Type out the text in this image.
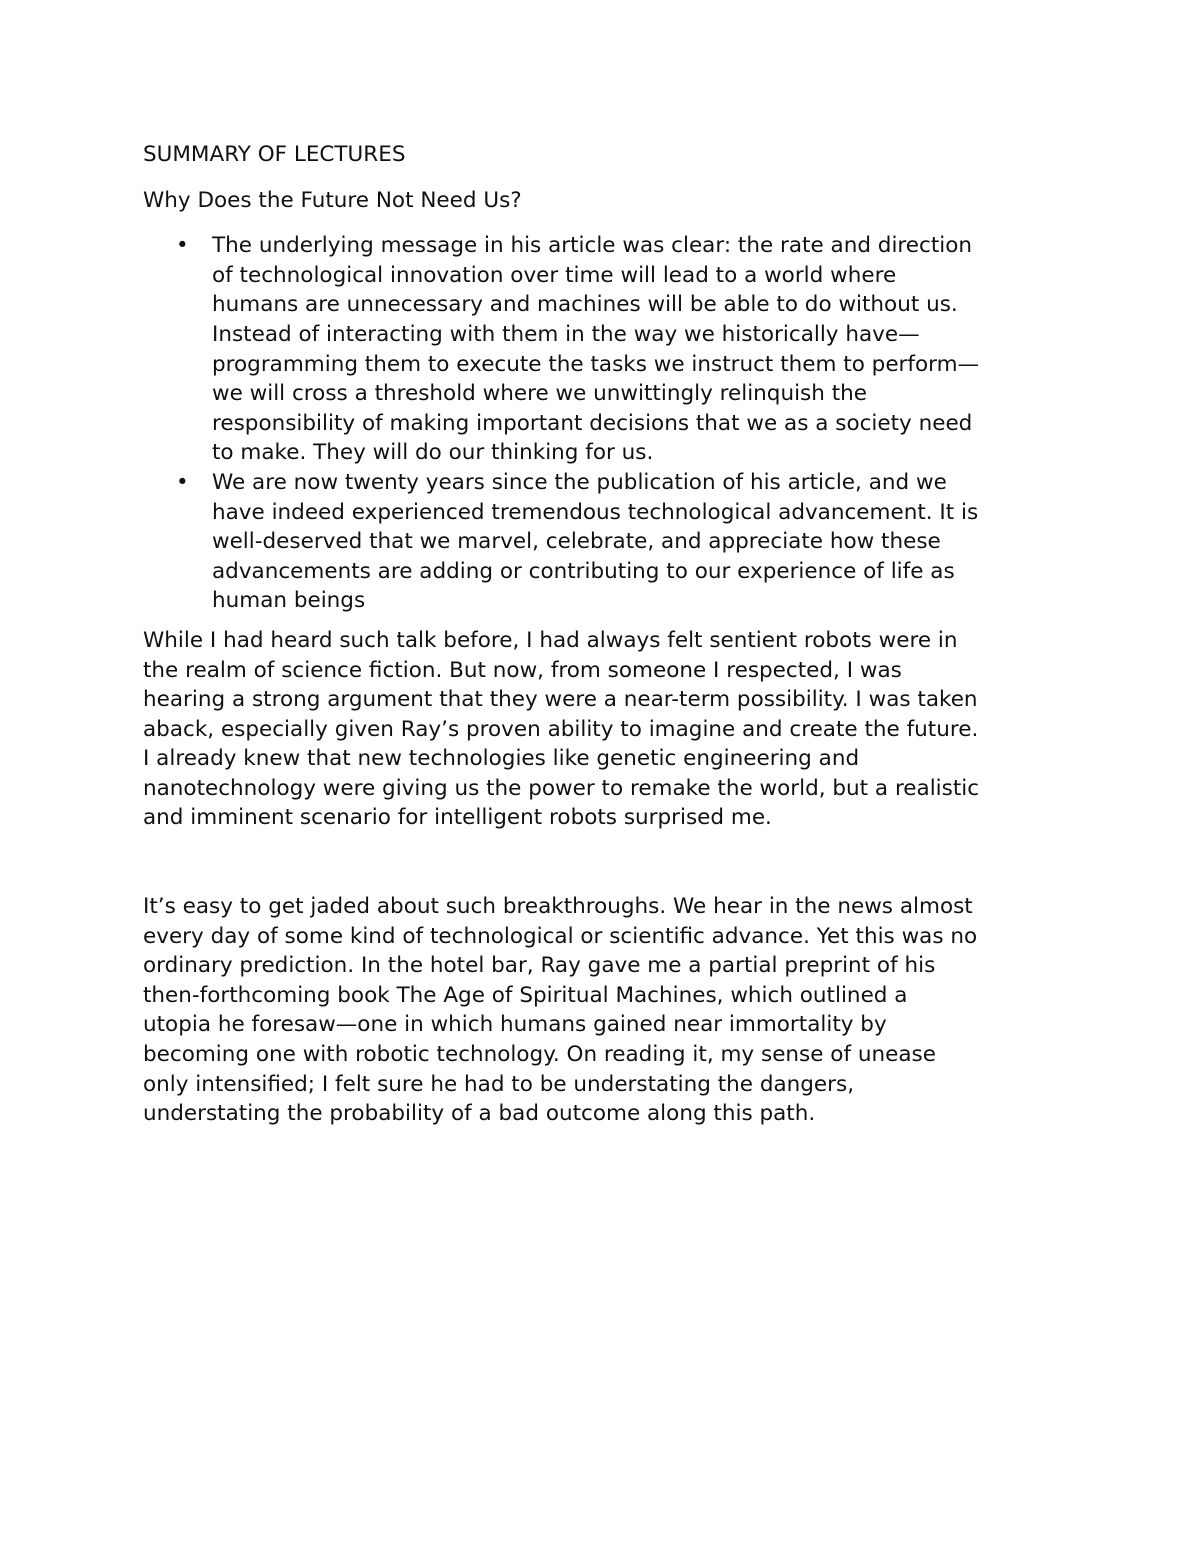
SUMMARY OF LECTURES
Why Does the Future Not Need Us?
• The underlying message in his article was clear: the rate and direction
of technological innovation over time will lead to a world where
humans are unnecessary and machines will be able to do without us.
Instead of interacting with them in the way we historically have—
programming them to execute the tasks we instruct them to perform—
we will cross a threshold where we unwittingly relinquish the
responsibility of making important decisions that we as a society need
to make. They will do our thinking for us.
• We are now twenty years since the publication of his article, and we
have indeed experienced tremendous technological advancement. It is
well-deserved that we marvel, celebrate, and appreciate how these
advancements are adding or contributing to our experience of life as
human beings
While I had heard such talk before, I had always felt sentient robots were in
the realm of science fiction. But now, from someone I respected, I was
hearing a strong argument that they were a near-term possibility. I was taken
aback, especially given Ray’s proven ability to imagine and create the future.
I already knew that new technologies like genetic engineering and
nanotechnology were giving us the power to remake the world, but a realistic
and imminent scenario for intelligent robots surprised me.
It’s easy to get jaded about such breakthroughs. We hear in the news almost
every day of some kind of technological or scientific advance. Yet this was no
ordinary prediction. In the hotel bar, Ray gave me a partial preprint of his
then-forthcoming book The Age of Spiritual Machines, which outlined a
utopia he foresaw—one in which humans gained near immortality by
becoming one with robotic technology. On reading it, my sense of unease
only intensified; I felt sure he had to be understating the dangers,
understating the probability of a bad outcome along this path.
